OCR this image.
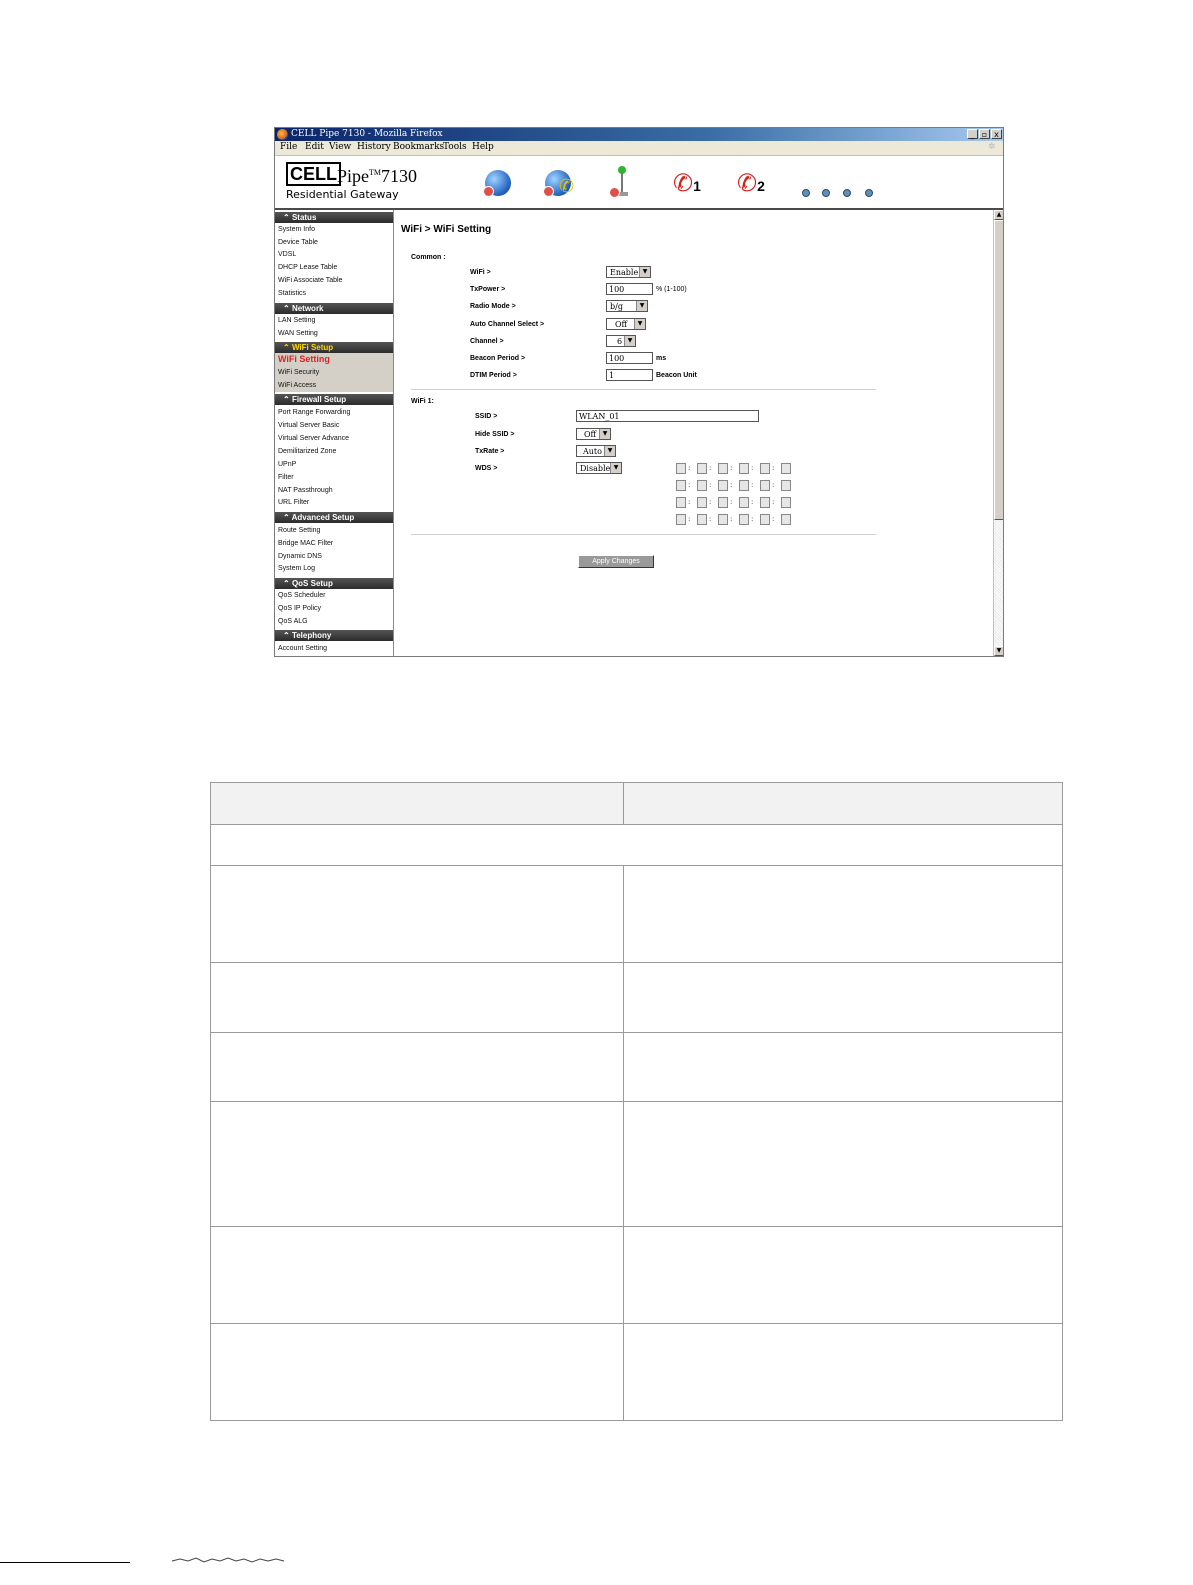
CELL Pipe 7130 - Mozilla Firefox	_ ▫ x
File Edit View History Bookmarks
Tools Help	✲
CELL Pipe™7130
Residential Gateway	✆	✆1 ✆2
⌃ Status
System Info
Device Table
VDSL
DHCP Lease Table
WiFi Associate Table
Statistics
⌃ Network
LAN Setting
WAN Setting
⌃ WiFi Setup
WiFi Setting
WiFi Security
WiFi Access
⌃ Firewall Setup
Port Range Forwarding
Virtual Server Basic
Virtual Server Advance
Demilitarized Zone
UPnP
Filter
NAT Passthrough
URL Filter
⌃ Advanced Setup
Route Setting
Bridge MAC Filter
Dynamic DNS
System Log
⌃ QoS Setup
QoS Scheduler
QoS IP Policy
QoS ALG
⌃ Telephony
Account Setting
WiFi > WiFi Setting
Common :
WiFi >	Enable ▼
TxPower >	100	% (1-100)
Radio Mode >	b/g	▼
Auto Channel Select >	Off	▼
Channel >	6 ▼
Beacon Period >	100	ms
DTIM Period >	1	Beacon Unit
WiFi 1:
SSID >	WLAN_01
Hide SSID >	Off	▼
TxRate >	Auto ▼
WDS >	Disable ▼	:	:	:	:	:
:	:	:	:	:
:	:	:	:	:
:	:	:	:	:
Apply Changes
▲
▼
